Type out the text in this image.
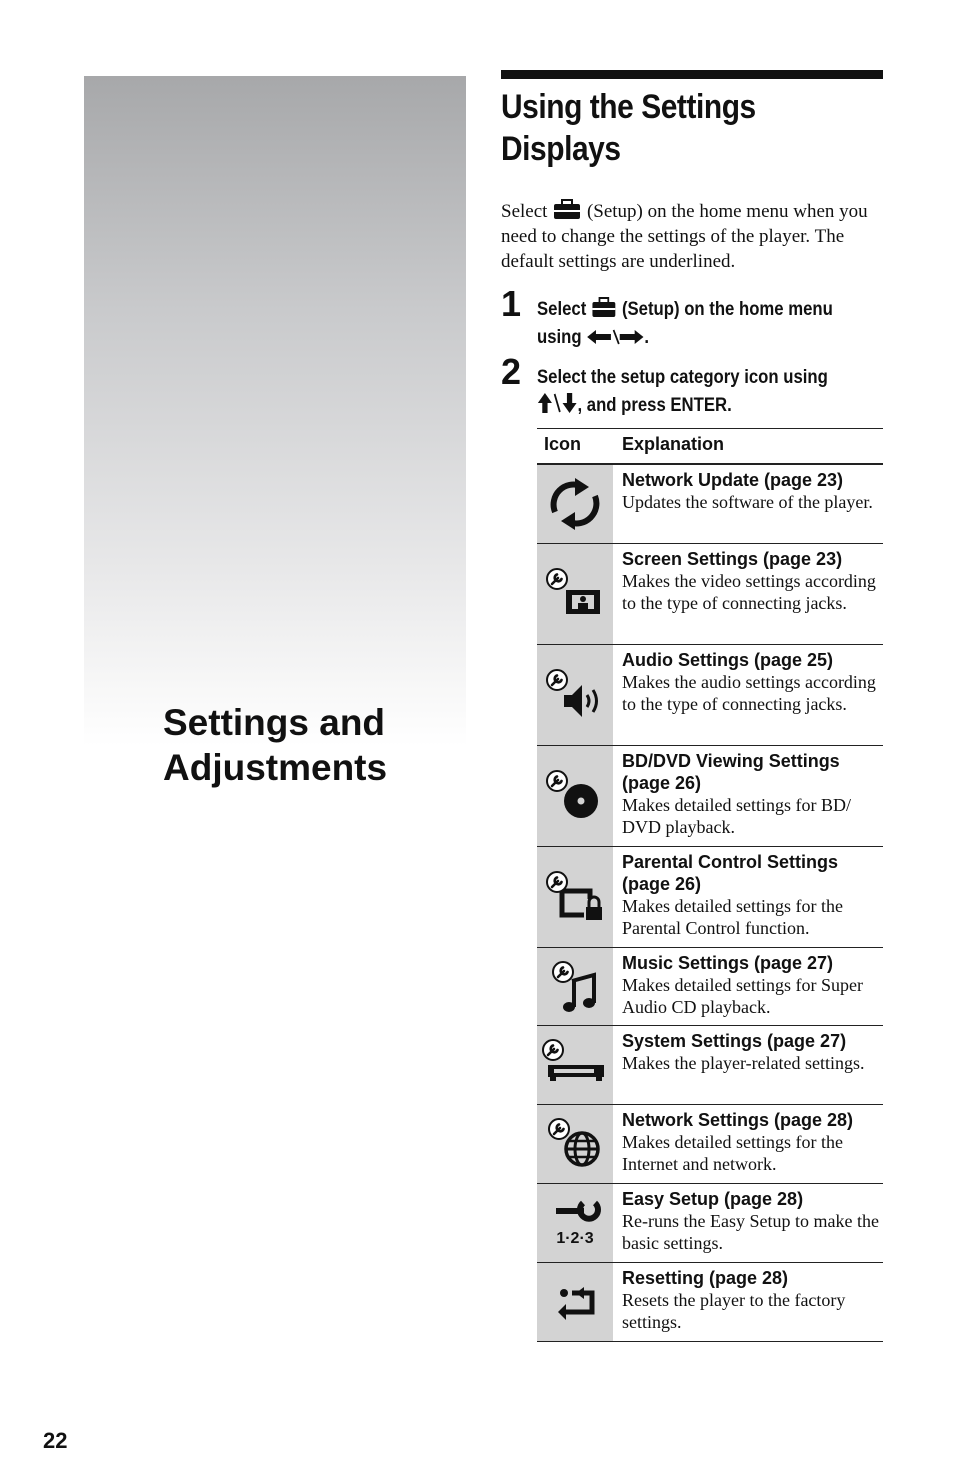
Settings and
Adjustments
Using the Settings
Displays
Select (Setup) on the home menu when you need to change the settings of the player. The default settings are underlined.
1 Select (Setup) on the home menu
using	.
2 Select the setup category icon using
, and press ENTER.
Icon Explanation
Network Update (page 23)
Updates the software of the player.
Screen Settings (page 23)
Makes the video settings according to the type of connecting jacks.
Audio Settings (page 25)
Makes the audio settings according to the type of connecting jacks.
BD/DVD Viewing Settings (page 26)
Makes detailed settings for BD/ DVD playback.
Parental Control Settings (page 26)
Makes detailed settings for the Parental Control function.
Music Settings (page 27)
Makes detailed settings for Super Audio CD playback.
System Settings (page 27)
Makes the player-related settings.
Network Settings (page 28)
Makes detailed settings for the Internet and network.
1·2·3
Easy Setup (page 28)
Re-runs the Easy Setup to make the basic settings.
Resetting (page 28)
Resets the player to the factory settings.
22
